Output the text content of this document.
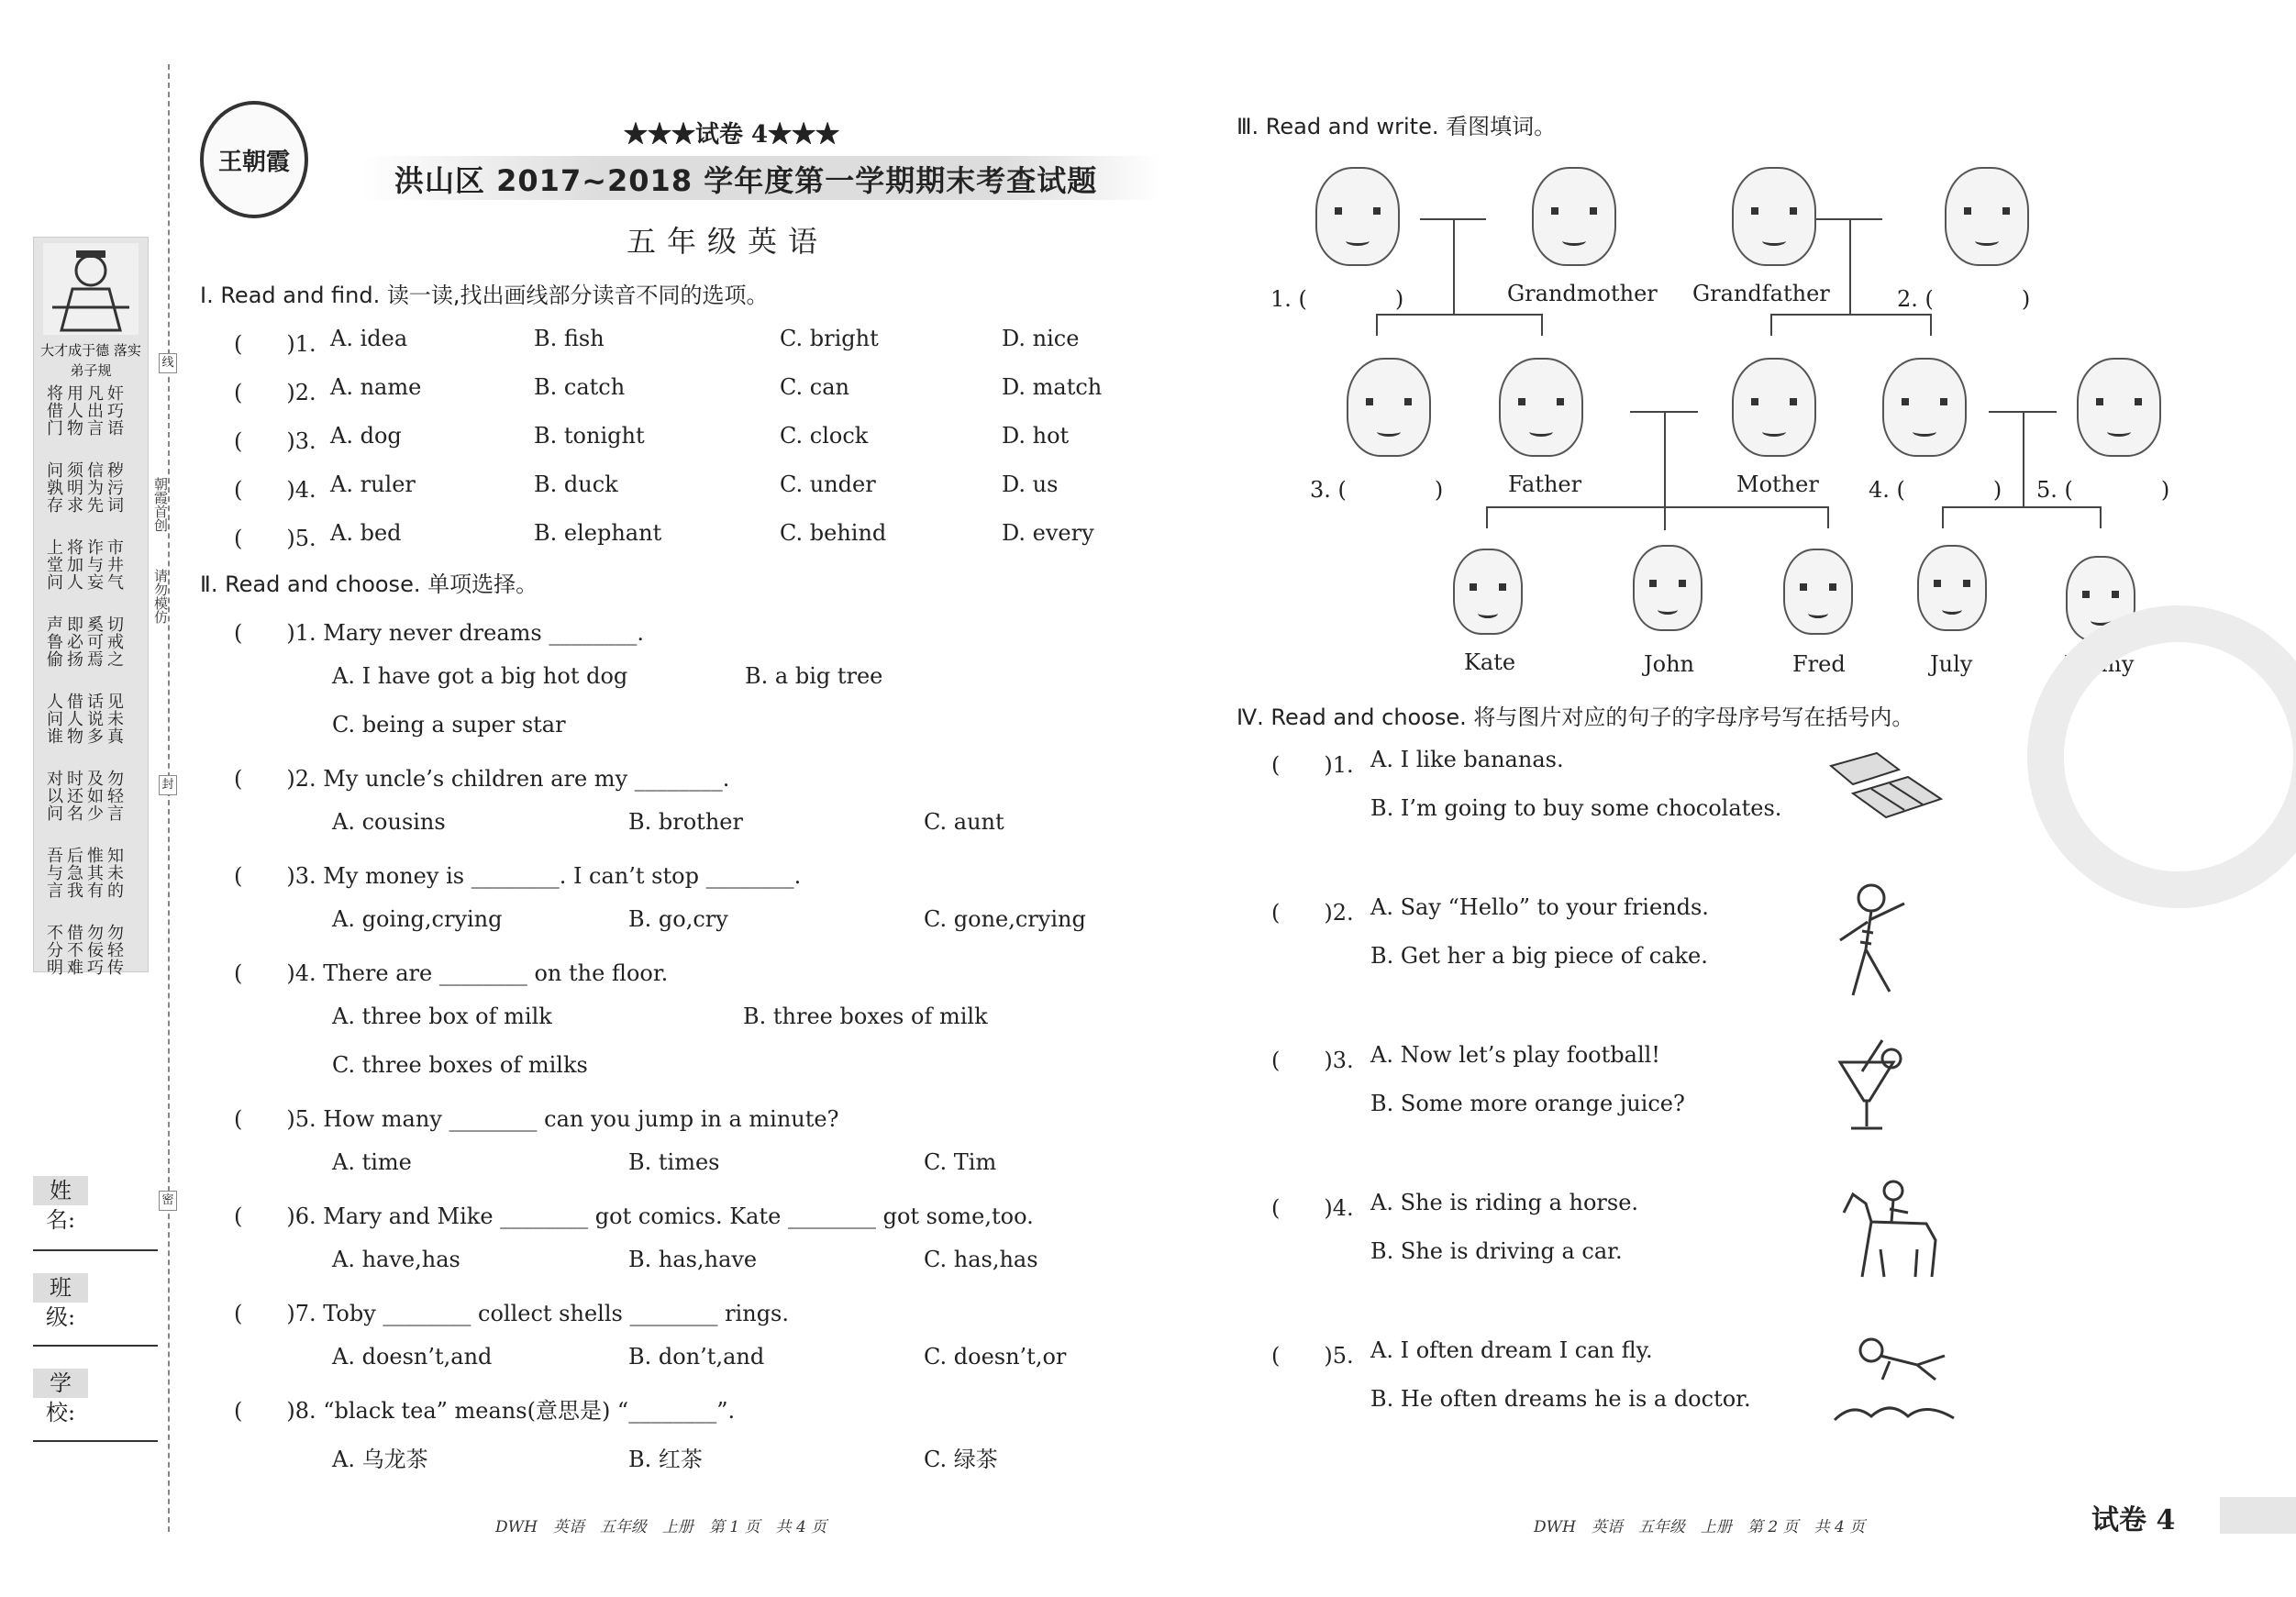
大才成于德 落实弟子规
奸巧语 凡出言 用人物 将借门
秽污词 信为先 须明求 问孰存
市井气 诈与妄 将加人 上堂问
切戒之 奚可焉 即必扬 声鲁偷
见未真 话说多 借人物 人问谁
勿轻言 及如少 时还名 对以问
知未的 惟其有 后急我 吾与言
勿轻传 勿佞巧 借不难 不分明
线
封
密
朝霞首创
请勿模仿
姓 名:
班 级:
学 校:
王朝霞
★★★试卷 4★★★
洪山区 2017~2018 学年度第一学期期末考查试题
五年级英语
Ⅰ. Read and find. 读一读,找出画线部分读音不同的选项。
(　　)1. A. idea	B. fish	C. bright	D. nice
(　　)2. A. name	B. catch	C. can	D. match
(　　)3. A. dog	B. tonight	C. clock	D. hot
(　　)4. A. ruler	B. duck	C. under	D. us
(　　)5. A. bed	B. elephant	C. behind	D. every
Ⅱ. Read and choose. 单项选择。
(　　)1. Mary never dreams ________.
A. I have got a big hot dog	B. a big tree
C. being a super star
(　　)2. My uncle’s children are my ________.
A. cousins	B. brother	C. aunt
(　　)3. My money is ________. I can’t stop ________.
A. going,crying	B. go,cry	C. gone,crying
(　　)4. There are ________ on the floor.
A. three box of milk	B. three boxes of milk
C. three boxes of milks
(　　)5. How many ________ can you jump in a minute?
A. time	B. times	C. Tim
(　　)6. Mary and Mike ________ got comics. Kate ________ got some,too.
A. have,has	B. has,have	C. has,has
(　　)7. Toby ________ collect shells ________ rings.
A. doesn’t,and	B. don’t,and	C. doesn’t,or
(　　)8. “black tea” means(意思是) “________”.
A. 乌龙茶	B. 红茶	C. 绿茶
DWH　英语　五年级　上册　第 1 页　共 4 页
Ⅲ. Read and write. 看图填词。
1. (　　　　)	Grandmother Grandfather	2. (　　　　)
3. (　　　　)	Father	Mother 4. (　　　　) 5. (　　　　)
Kate	John	Fred	July	Jimmy
Ⅳ. Read and choose. 将与图片对应的句子的字母序号写在括号内。
(　　)1. A. I like bananas.
B. I’m going to buy some chocolates.
(　　)2. A. Say “Hello” to your friends.
B. Get her a big piece of cake.
(　　)3. A. Now let’s play football!
B. Some more orange juice?
(　　)4. A. She is riding a horse.
B. She is driving a car.
(　　)5. A. I often dream I can fly.
B. He often dreams he is a doctor.
DWH　英语　五年级　上册　第 2 页　共 4 页	试卷 4
